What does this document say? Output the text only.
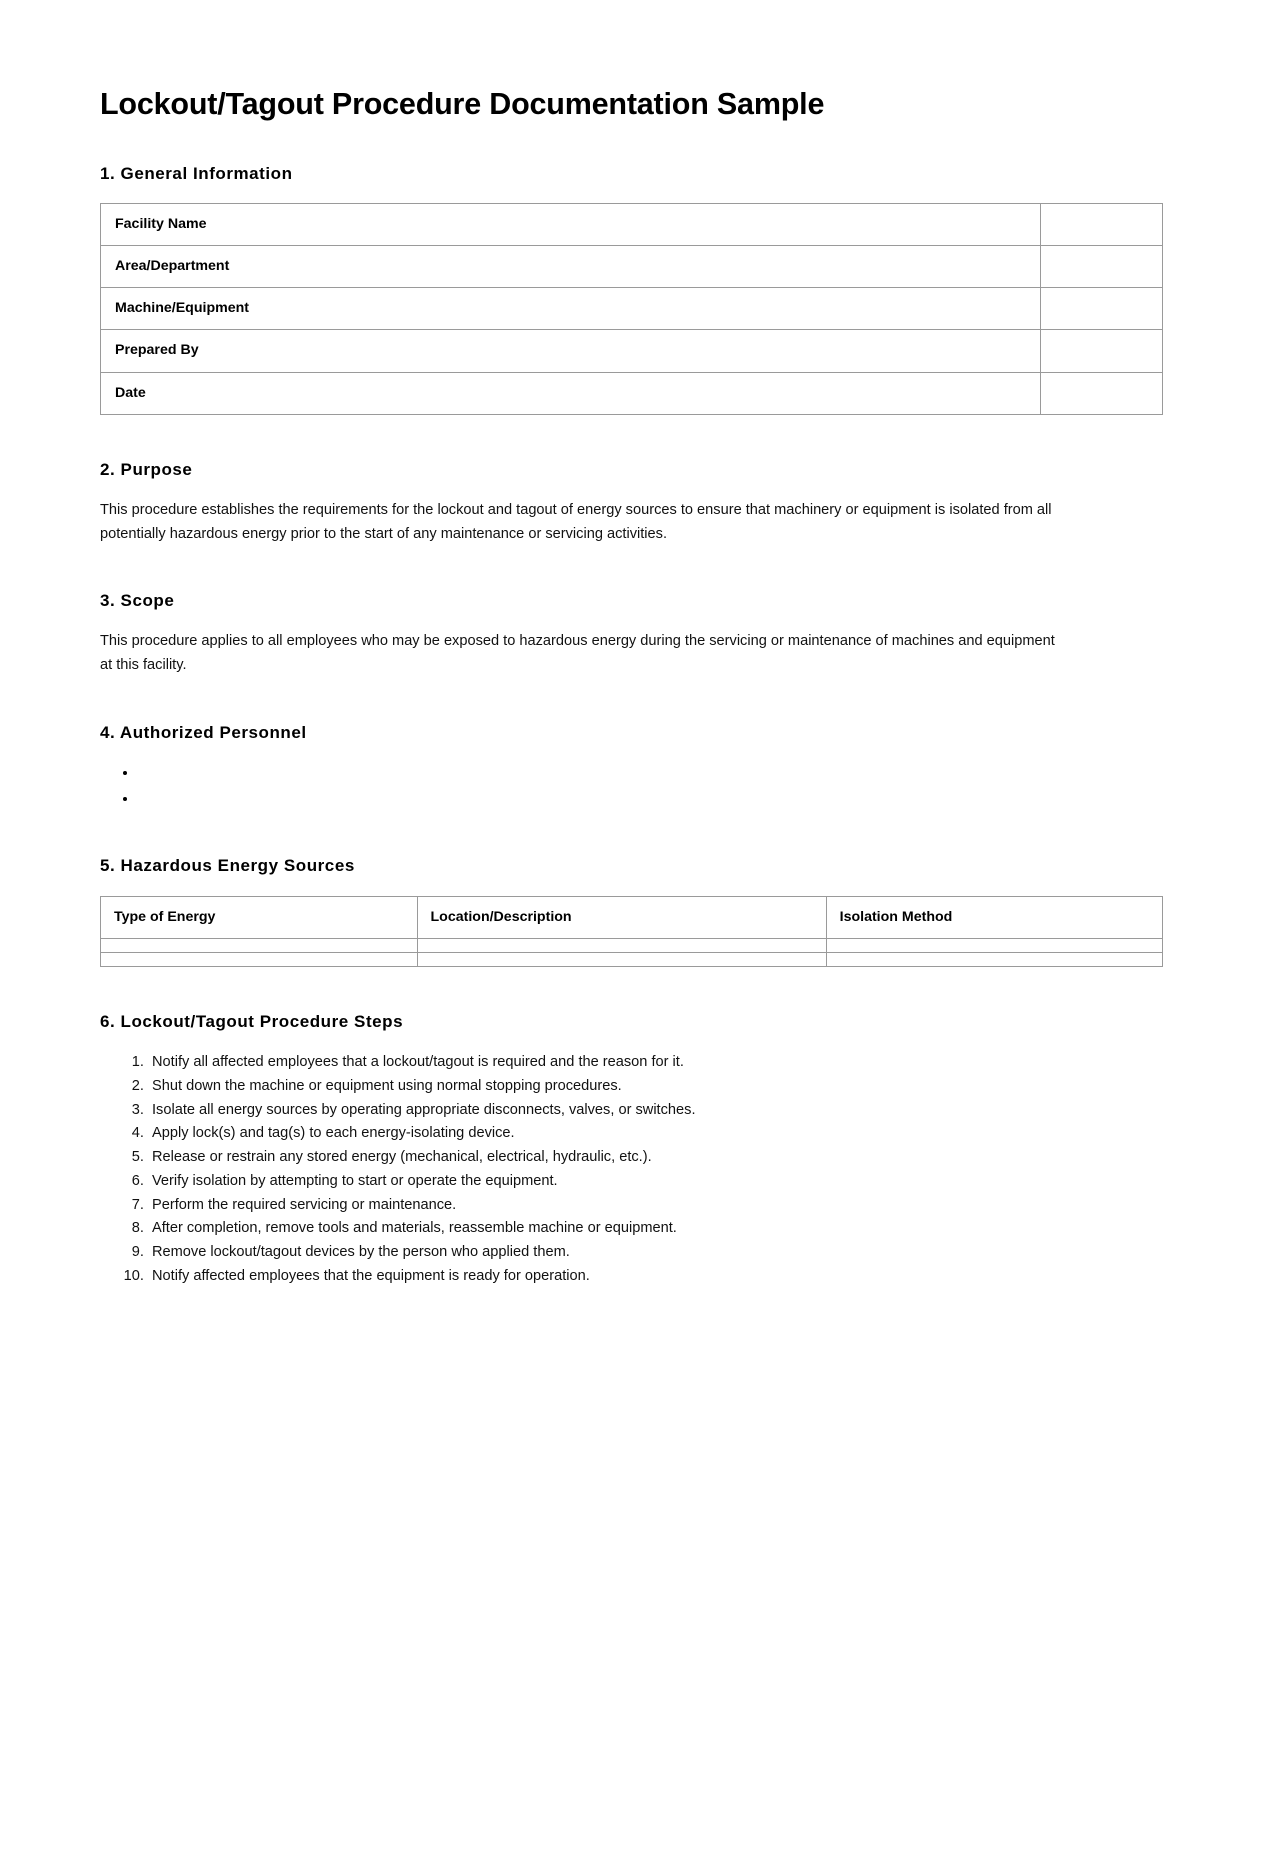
Lockout/Tagout Procedure Documentation Sample
1. General Information
Facility Name	
Area/Department	
Machine/Equipment	
Prepared By	
Date	
2. Purpose

This procedure establishes the requirements for the lockout and tagout of energy sources to ensure that machinery or equipment is isolated from all potentially hazardous energy prior to the start of any maintenance or servicing activities.

3. Scope

This procedure applies to all employees who may be exposed to hazardous energy during the servicing or maintenance of machines and equipment at this facility.

4. Authorized Personnel
•
•
5. Hazardous Energy Sources
Type of Energy	Location/Description	Isolation Method

6. Lockout/Tagout Procedure Steps
1. Notify all affected employees that a lockout/tagout is required and the reason for it.
2. Shut down the machine or equipment using normal stopping procedures.
3. Isolate all energy sources by operating appropriate disconnects, valves, or switches.
4. Apply lock(s) and tag(s) to each energy-isolating device.
5. Release or restrain any stored energy (mechanical, electrical, hydraulic, etc.).
6. Verify isolation by attempting to start or operate the equipment.
7. Perform the required servicing or maintenance.
8. After completion, remove tools and materials, reassemble machine or equipment.
9. Remove lockout/tagout devices by the person who applied them.
10. Notify affected employees that the equipment is ready for operation.
